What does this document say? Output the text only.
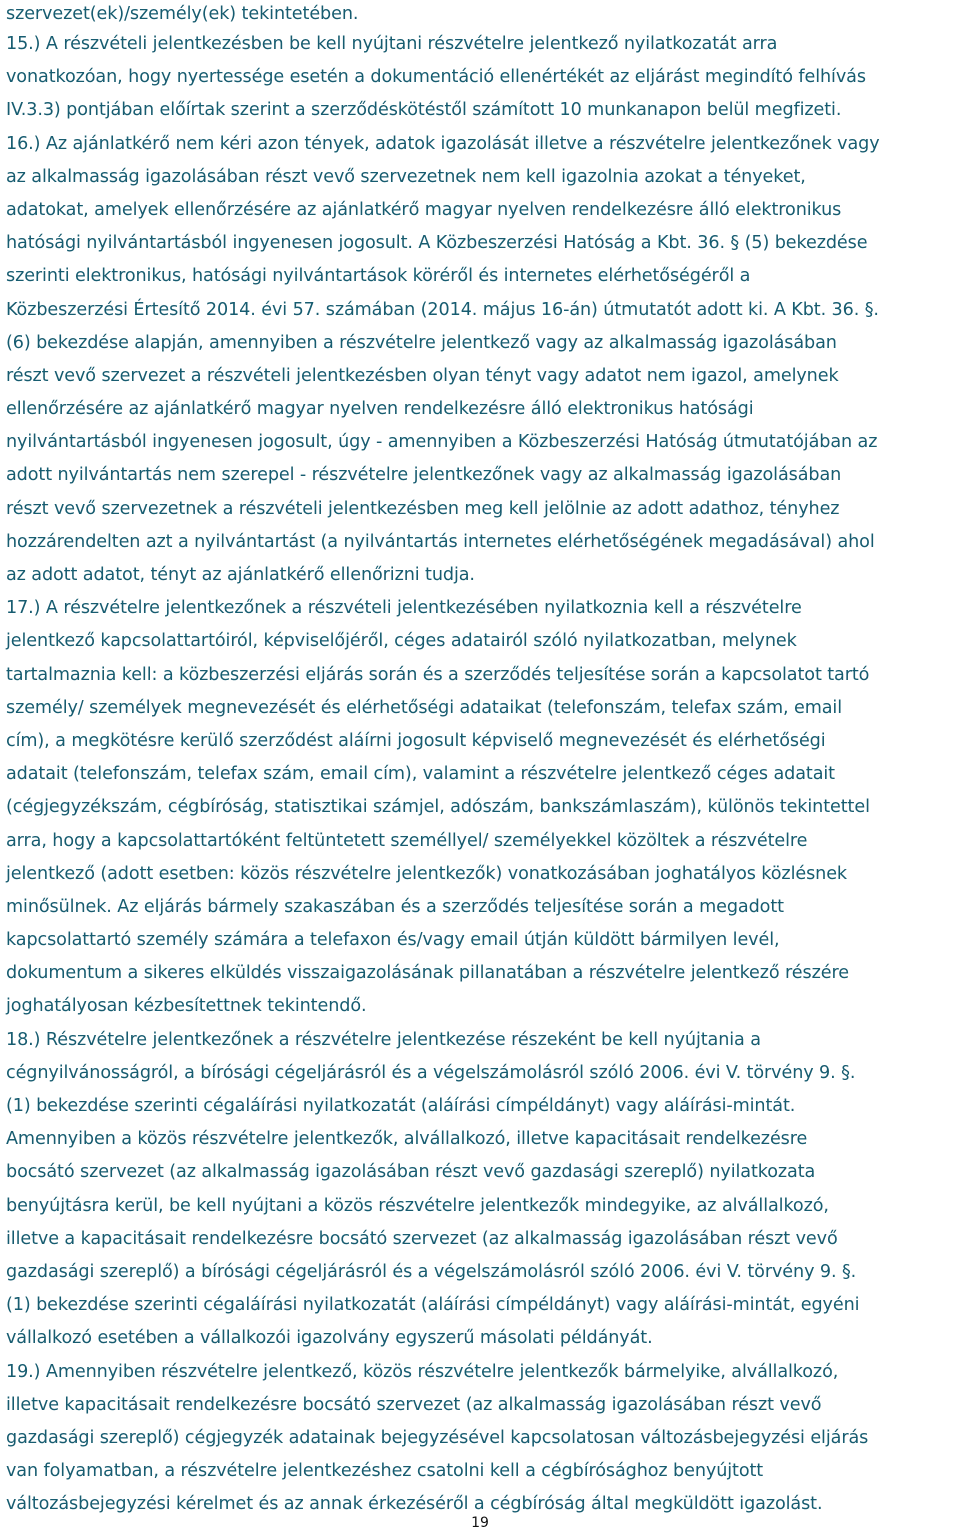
szervezet(ek)/személy(ek) tekintetében.
15.) A részvételi jelentkezésben be kell nyújtani részvételre jelentkező nyilatkozatát arra
vonatkozóan, hogy nyertessége esetén a dokumentáció ellenértékét az eljárást megindító felhívás
IV.3.3) pontjában előírtak szerint a szerződéskötéstől számított 10 munkanapon belül megfizeti.
16.) Az ajánlatkérő nem kéri azon tények, adatok igazolását illetve a részvételre jelentkezőnek vagy
az alkalmasság igazolásában részt vevő szervezetnek nem kell igazolnia azokat a tényeket,
adatokat, amelyek ellenőrzésére az ajánlatkérő magyar nyelven rendelkezésre álló elektronikus
hatósági nyilvántartásból ingyenesen jogosult. A Közbeszerzési Hatóság a Kbt. 36. § (5) bekezdése
szerinti elektronikus, hatósági nyilvántartások köréről és internetes elérhetőségéről a
Közbeszerzési Értesítő 2014. évi 57. számában (2014. május 16-án) útmutatót adott ki. A Kbt. 36. §.
(6) bekezdése alapján, amennyiben a részvételre jelentkező vagy az alkalmasság igazolásában
részt vevő szervezet a részvételi jelentkezésben olyan tényt vagy adatot nem igazol, amelynek
ellenőrzésére az ajánlatkérő magyar nyelven rendelkezésre álló elektronikus hatósági
nyilvántartásból ingyenesen jogosult, úgy - amennyiben a Közbeszerzési Hatóság útmutatójában az
adott nyilvántartás nem szerepel - részvételre jelentkezőnek vagy az alkalmasság igazolásában
részt vevő szervezetnek a részvételi jelentkezésben meg kell jelölnie az adott adathoz, tényhez
hozzárendelten azt a nyilvántartást (a nyilvántartás internetes elérhetőségének megadásával) ahol
az adott adatot, tényt az ajánlatkérő ellenőrizni tudja.
17.) A részvételre jelentkezőnek a részvételi jelentkezésében nyilatkoznia kell a részvételre
jelentkező kapcsolattartóiról, képviselőjéről, céges adatairól szóló nyilatkozatban, melynek
tartalmaznia kell: a közbeszerzési eljárás során és a szerződés teljesítése során a kapcsolatot tartó
személy/ személyek megnevezését és elérhetőségi adataikat (telefonszám, telefax szám, email
cím), a megkötésre kerülő szerződést aláírni jogosult képviselő megnevezését és elérhetőségi
adatait (telefonszám, telefax szám, email cím), valamint a részvételre jelentkező céges adatait
(cégjegyzékszám, cégbíróság, statisztikai számjel, adószám, bankszámlaszám), különös tekintettel
arra, hogy a kapcsolattartóként feltüntetett személlyel/ személyekkel közöltek a részvételre
jelentkező (adott esetben: közös részvételre jelentkezők) vonatkozásában joghatályos közlésnek
minősülnek. Az eljárás bármely szakaszában és a szerződés teljesítése során a megadott
kapcsolattartó személy számára a telefaxon és/vagy email útján küldött bármilyen levél,
dokumentum a sikeres elküldés visszaigazolásának pillanatában a részvételre jelentkező részére
joghatályosan kézbesítettnek tekintendő.
18.) Részvételre jelentkezőnek a részvételre jelentkezése részeként be kell nyújtania a
cégnyilvánosságról, a bírósági cégeljárásról és a végelszámolásról szóló 2006. évi V. törvény 9. §.
(1) bekezdése szerinti cégaláírási nyilatkozatát (aláírási címpéldányt) vagy aláírási-mintát.
Amennyiben a közös részvételre jelentkezők, alvállalkozó, illetve kapacitásait rendelkezésre
bocsátó szervezet (az alkalmasság igazolásában részt vevő gazdasági szereplő) nyilatkozata
benyújtásra kerül, be kell nyújtani a közös részvételre jelentkezők mindegyike, az alvállalkozó,
illetve a kapacitásait rendelkezésre bocsátó szervezet (az alkalmasság igazolásában részt vevő
gazdasági szereplő) a bírósági cégeljárásról és a végelszámolásról szóló 2006. évi V. törvény 9. §.
(1) bekezdése szerinti cégaláírási nyilatkozatát (aláírási címpéldányt) vagy aláírási-mintát, egyéni
vállalkozó esetében a vállalkozói igazolvány egyszerű másolati példányát.
19.) Amennyiben részvételre jelentkező, közös részvételre jelentkezők bármelyike, alvállalkozó,
illetve kapacitásait rendelkezésre bocsátó szervezet (az alkalmasság igazolásában részt vevő
gazdasági szereplő) cégjegyzék adatainak bejegyzésével kapcsolatosan változásbejegyzési eljárás
van folyamatban, a részvételre jelentkezéshez csatolni kell a cégbírósághoz benyújtott
változásbejegyzési kérelmet és az annak érkezéséről a cégbíróság által megküldött igazolást.
19
